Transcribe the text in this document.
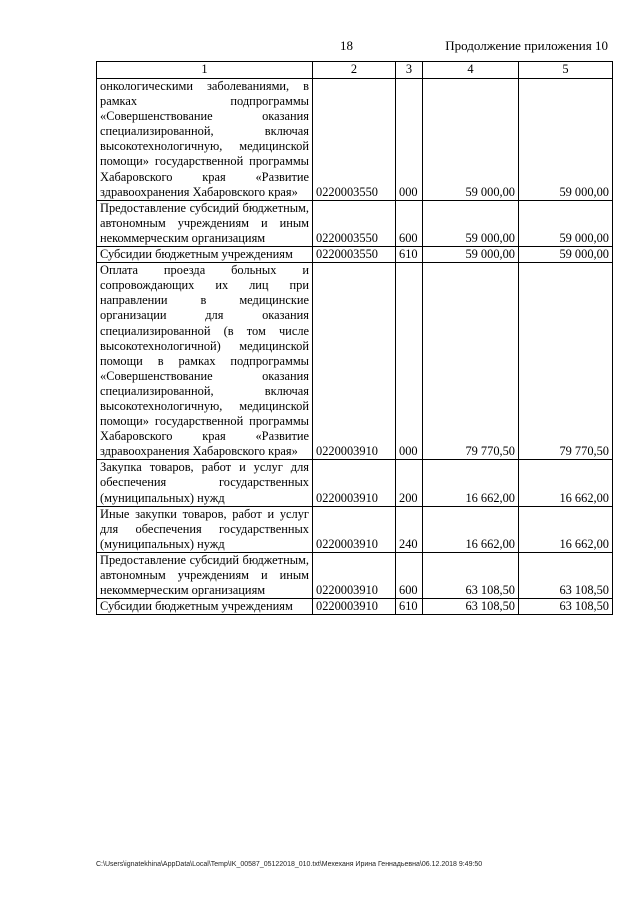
18	Продолжение приложения 10
1	2	3	4	5
онкологическими заболеваниями, в рамках подпрограммы «Совершенствование оказания специализированной, включая высокотехнологичную, медицинской помощи» государственной программы Хабаровского края «Развитие здравоохранения Хабаровского края»	0220003550	000	59 000,00	59 000,00
Предоставление субсидий бюджетным, автономным учреждениям и иным некоммерческим организациям	0220003550	600	59 000,00	59 000,00
Субсидии бюджетным учреждениям	0220003550	610	59 000,00	59 000,00
Оплата проезда больных и сопровождающих их лиц при направлении в медицинские организации для оказания специализированной (в том числе высокотехнологичной) медицинской помощи в рамках подпрограммы «Совершенствование оказания специализированной, включая высокотехнологичную, медицинской помощи» государственной программы Хабаровского края «Развитие здравоохранения Хабаровского края»	0220003910	000	79 770,50	79 770,50
Закупка товаров, работ и услуг для обеспечения государственных (муниципальных) нужд	0220003910	200	16 662,00	16 662,00
Иные закупки товаров, работ и услуг для обеспечения государственных (муниципальных) нужд	0220003910	240	16 662,00	16 662,00
Предоставление субсидий бюджетным, автономным учреждениям и иным некоммерческим организациям	0220003910	600	63 108,50	63 108,50
Субсидии бюджетным учреждениям	0220003910	610	63 108,50	63 108,50
C:\Users\ignatekhina\AppData\Local\Temp\IK_00587_05122018_010.txt\Мехеханя Ирина Геннадьевна\06.12.2018 9:49:50
